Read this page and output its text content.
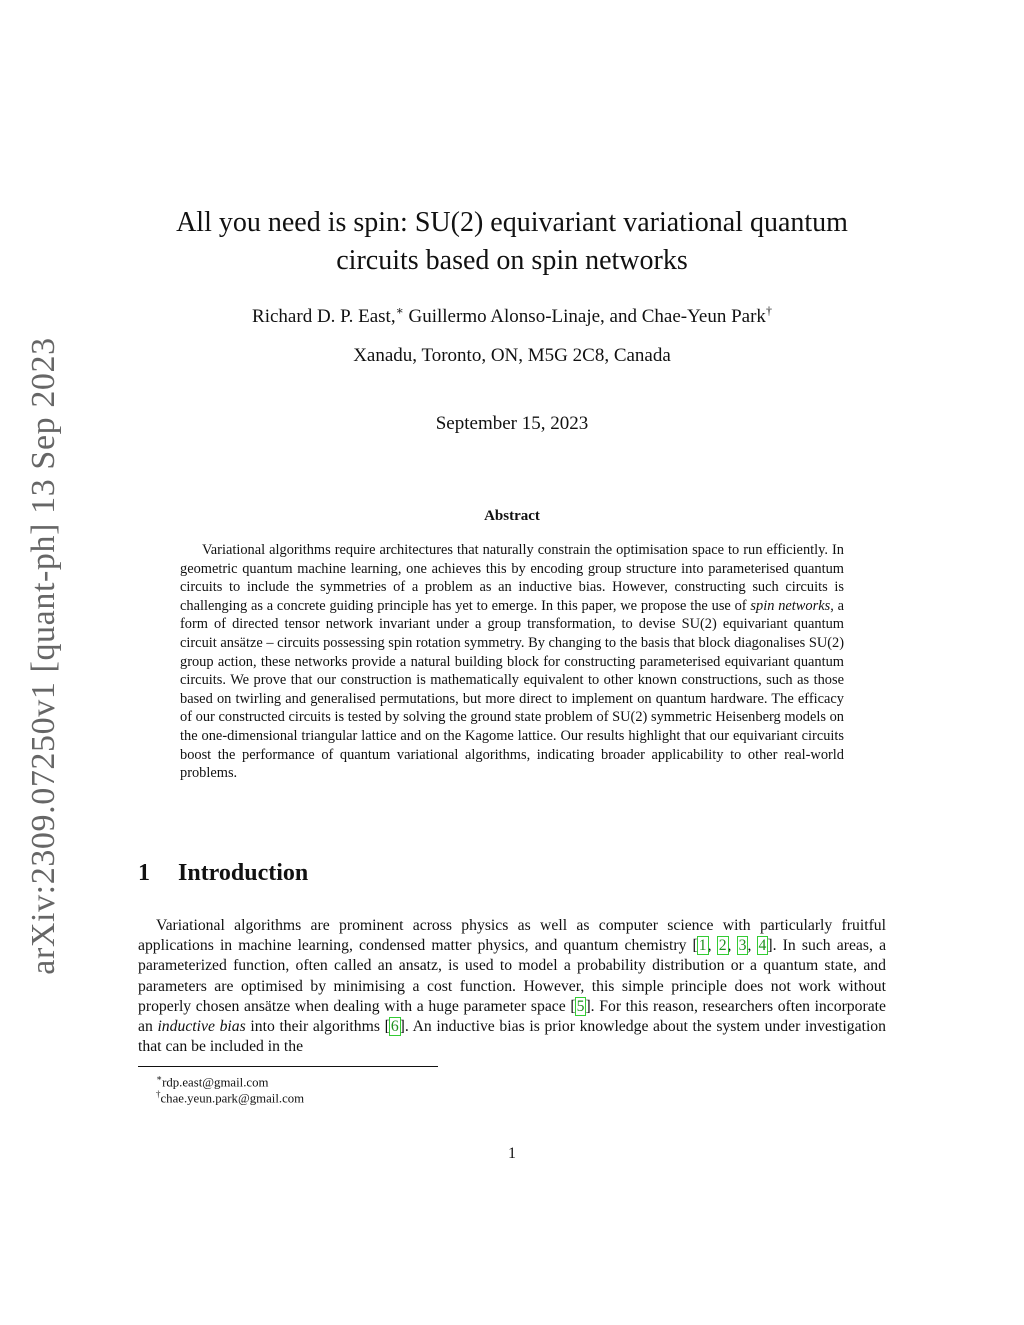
arXiv:2309.07250v1 [quant-ph] 13 Sep 2023
All you need is spin: SU(2) equivariant variational quantum
circuits based on spin networks
Richard D. P. East,∗ Guillermo Alonso-Linaje, and Chae-Yeun Park†
Xanadu, Toronto, ON, M5G 2C8, Canada
September 15, 2023
Abstract

Variational algorithms require architectures that naturally constrain the optimisation space to run efficiently. In geometric quantum machine learning, one achieves this by encoding group structure into parameterised quantum circuits to include the symmetries of a problem as an inductive bias. However, constructing such circuits is challenging as a concrete guiding principle has yet to emerge. In this paper, we propose the use of spin networks, a form of directed tensor network invariant under a group transformation, to devise SU(2) equivariant quantum circuit ansätze – circuits possessing spin rotation symmetry. By changing to the basis that block diagonalises SU(2) group action, these networks provide a natural building block for constructing parameterised equivariant quantum circuits. We prove that our construction is mathematically equivalent to other known constructions, such as those based on twirling and generalised permutations, but more direct to implement on quantum hardware. The efficacy of our constructed circuits is tested by solving the ground state problem of SU(2) symmetric Heisenberg models on the one-dimensional triangular lattice and on the Kagome lattice. Our results highlight that our equivariant circuits boost the performance of quantum variational algorithms, indicating broader applicability to other real-world problems.

1 Introduction

Variational algorithms are prominent across physics as well as computer science with particularly fruitful applications in machine learning, condensed matter physics, and quantum chemistry [1, 2, 3, 4]. In such areas, a parameterized function, often called an ansatz, is used to model a probability distribution or a quantum state, and parameters are optimised by minimising a cost function. However, this simple principle does not work without properly chosen ansätze when dealing with a huge parameter space [5]. For this reason, researchers often incorporate an inductive bias into their algorithms [6]. An inductive bias is prior knowledge about the system under investigation that can be included in the

∗rdp.east@gmail.com
†chae.yeun.park@gmail.com
1
